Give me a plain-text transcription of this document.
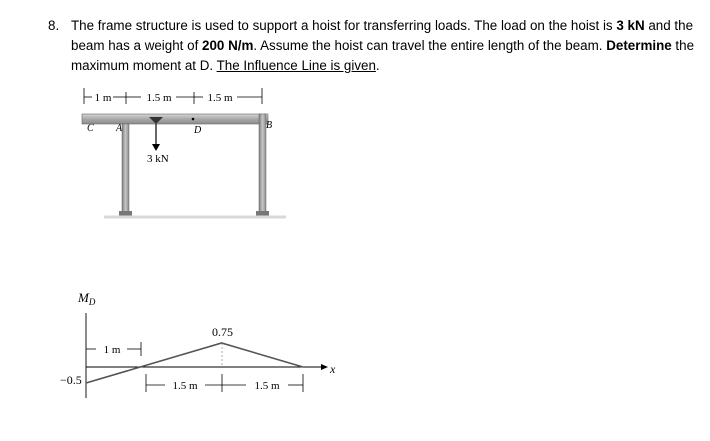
8. The frame structure is used to support a hoist for transferring loads. The load on the hoist is 3 kN and the beam has a weight of 200 N/m. Assume the hoist can travel the entire length of the beam. Determine the maximum moment at D. The Influence Line is given.
1 m	1.5 m	1.5 m
3 kN
C A	D	B
$M_D$
x
0.75
−0.5
1 m
1.5 m	1.5 m
